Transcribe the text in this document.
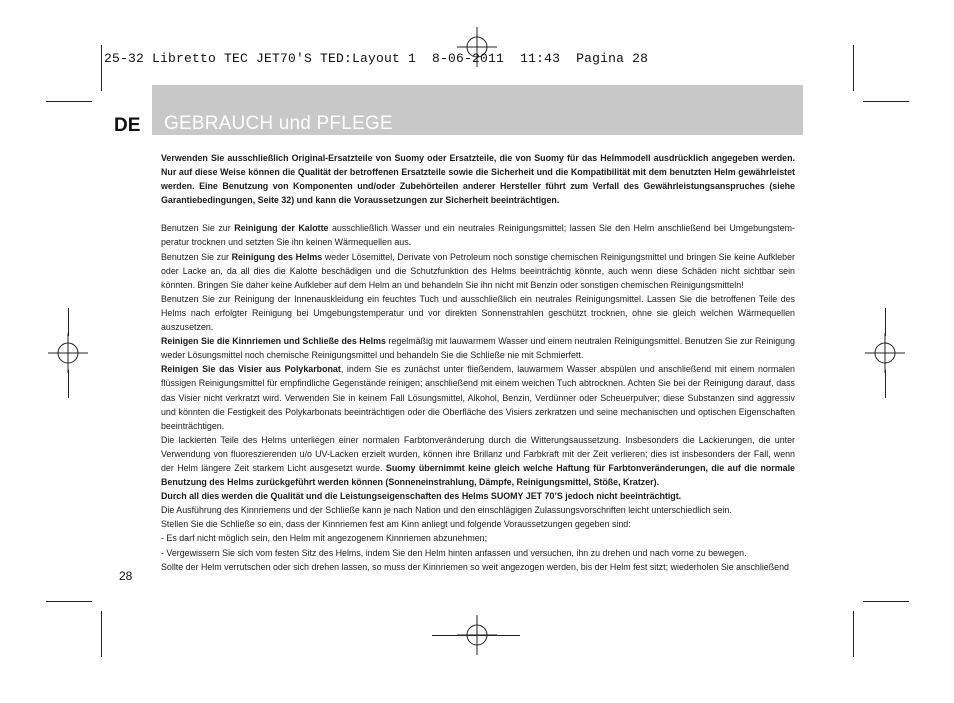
25-32 Libretto TEC JET70'S TED:Layout 1  8-06-2011  11:43  Pagina 28
DE GEBRAUCH und PFLEGE

Verwenden Sie ausschließlich Original-Ersatzteile von Suomy oder Ersatzteile, die von Suomy für das Helmmodell ausdrücklich angegeben werden. Nur auf diese Weise können die Qualität der betroffenen Ersatzteile sowie die Sicherheit und die Kompatibilität mit dem benutzten Helm gewährleistet werden. Eine Benutzung von Komponenten und/oder Zubehörteilen anderer Hersteller führt zum Verfall des Gewährleistungsanspruches (siehe Garantiebedingungen, Seite 32) und kann die Voraussetzungen zur Sicherheit beeinträchtigen.

Benutzen Sie zur Reinigung der Kalotte ausschließlich Wasser und ein neutrales Reinigungsmittel; lassen Sie den Helm anschließend bei Umgebungstem-peratur trocknen und setzten Sie ihn keinen Wärmequellen aus.

Benutzen Sie zur Reinigung des Helms weder Lösemittel, Derivate von Petroleum noch sonstige chemischen Reinigungsmittel und bringen Sie keine Aufkleber oder Lacke an, da all dies die Kalotte beschädigen und die Schutzfunktion des Helms beeinträchtig könnte, auch wenn diese Schäden nicht sichtbar sein könnten. Bringen Sie daher keine Aufkleber auf dem Helm an und behandeln Sie ihn nicht mit Benzin oder sonstigen chemischen Reinigungsmitteln!

Benutzen Sie zur Reinigung der Innenauskleidung ein feuchtes Tuch und ausschließlich ein neutrales Reinigungsmittel. Lassen Sie die betroffenen Teile des Helms nach erfolgter Reinigung bei Umgebungstemperatur und vor direkten Sonnenstrahlen geschützt trocknen, ohne sie gleich welchen Wärmequellen auszusetzen.

Reinigen Sie die Kinnriemen und Schließe des Helms regelmäßig mit lauwarmem Wasser und einem neutralen Reinigungsmittel. Benutzen Sie zur Reinigung weder Lösungsmittel noch chemische Reinigungsmittel und behandeln Sie die Schließe nie mit Schmierfett.

Reinigen Sie das Visier aus Polykarbonat, indem Sie es zunächst unter fließendem, lauwarmem Wasser abspülen und anschließend mit einem normalen flüssigen Reinigungsmittel für empfindliche Gegenstände reinigen; anschließend mit einem weichen Tuch abtrocknen. Achten Sie bei der Reinigung darauf, dass das Visier nicht verkratzt wird. Verwenden Sie in keinem Fall Lösungsmittel, Alkohol, Benzin, Verdünner oder Scheuerpulver; diese Substanzen sind aggressiv und könnten die Festigkeit des Polykarbonats beeinträchtigen oder die Oberfläche des Visiers zerkratzen und seine mechanischen und optischen Eigenschaften beeinträchtigen.

Die lackierten Teile des Helms unterliegen einer normalen Farbtonveränderung durch die Witterungsaussetzung. Insbesonders die Lackierungen, die unter Verwendung von fluoreszierenden u/o UV-Lacken erzielt wurden, können ihre Brillanz und Farbkraft mit der Zeit verlieren; dies ist insbesonders der Fall, wenn der Helm längere Zeit starkem Licht ausgesetzt wurde. Suomy übernimmt keine gleich welche Haftung für Farbtonveränderungen, die auf die normale Benutzung des Helms zurückgeführt werden können (Sonneneinstrahlung, Dämpfe, Reinigungsmittel, Stöße, Kratzer).

Durch all dies werden die Qualität und die Leistungseigenschaften des Helms SUOMY JET 70’S jedoch nicht beeinträchtigt.

Die Ausführung des Kinnriemens und der Schließe kann je nach Nation und den einschlägigen Zulassungsvorschriften leicht unterschiedlich sein.

Stellen Sie die Schließe so ein, dass der Kinnriemen fest am Kinn anliegt und folgende Voraussetzungen gegeben sind:

- Es darf nicht möglich sein, den Helm mit angezogenem Kinnriemen abzunehmen;

- Vergewissern Sie sich vom festen Sitz des Helms, indem Sie den Helm hinten anfassen und versuchen, ihn zu drehen und nach vorne zu bewegen.

Sollte der Helm verrutschen oder sich drehen lassen, so muss der Kinnriemen so weit angezogen werden, bis der Helm fest sitzt; wiederholen Sie anschließend

28
